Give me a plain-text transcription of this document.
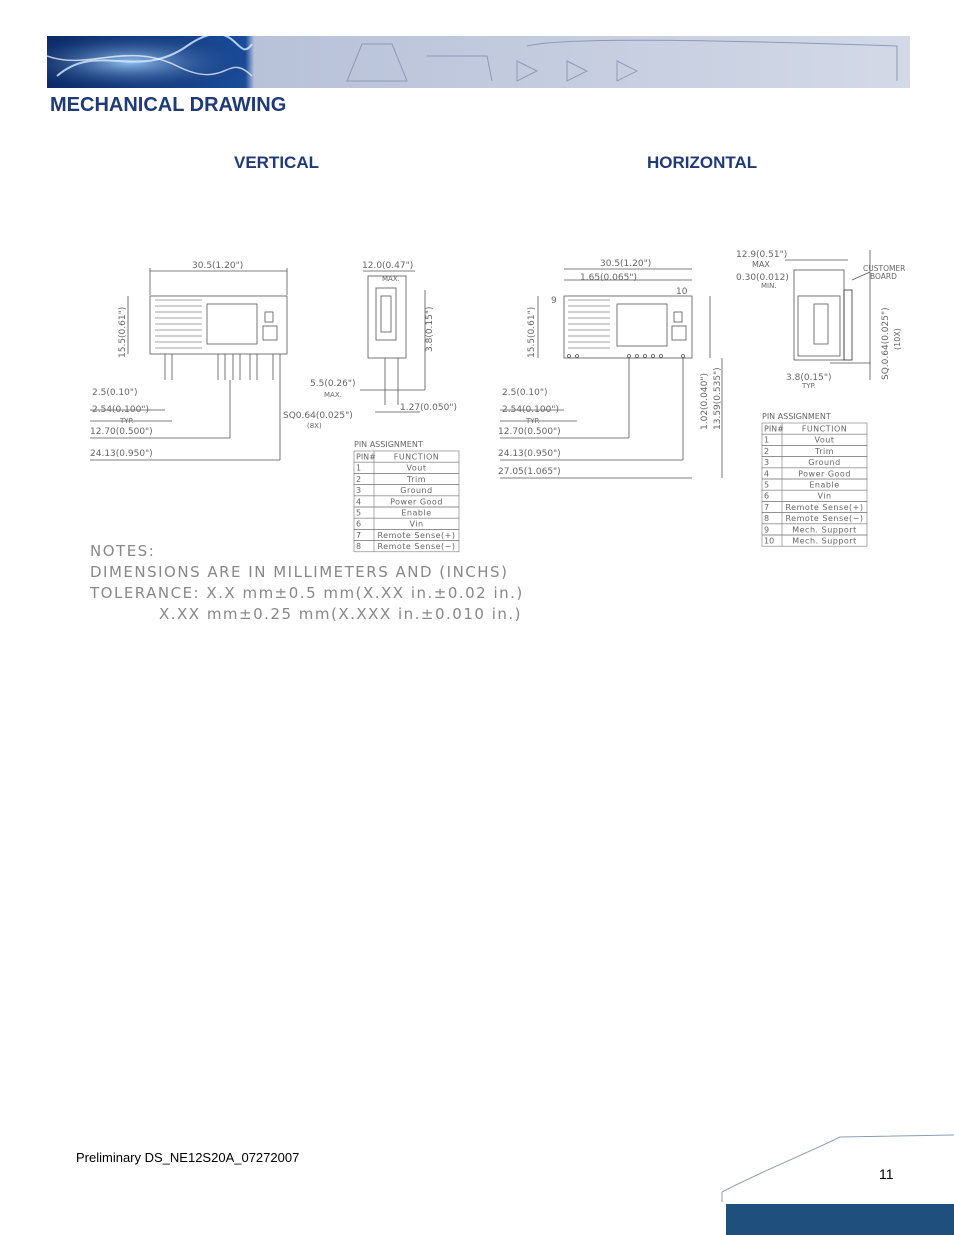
MECHANICAL DRAWING
VERTICAL	HORIZONTAL
30.5(1.20")
15.5(0.61")
12.0(0.47")
MAX.
3.8(0.15")
5.5(0.26")
MAX.
2.5(0.10")
2.54(0.100")
TYP.
12.70(0.500")
24.13(0.950")
SQ0.64(0.025")
(8X)
1.27(0.050")
30.5(1.20")
1.65(0.065")
9
10
15.5(0.61")
2.5(0.10")
2.54(0.100")
TYP.
12.70(0.500")
24.13(0.950")
27.05(1.065")
1.02(0.040") 13.59(0.535")
12.9(0.51")
MAX
0.30(0.012)
MIN.
CUSTOMER
BOARD
3.8(0.15")
TYP.
SQ.0.64(0.025") (10X)
PIN ASSIGNMENT
PIN# FUNCTION
1	Vout
2	Trim
3	Ground
4	Power Good
5	Enable
6	Vin
7 Remote Sense(+)
8 Remote Sense(−)
PIN ASSIGNMENT
PIN# FUNCTION
1	Vout
2	Trim
3	Ground
4	Power Good
5	Enable
6	Vin
7 Remote Sense(+)
8 Remote Sense(−)
9	Mech. Support
10 Mech. Support
NOTES:
DIMENSIONS ARE IN MILLIMETERS AND (INCHS)
TOLERANCE: X.X mm±0.5 mm(X.XX in.±0.02 in.)
X.XX mm±0.25 mm(X.XXX in.±0.010 in.)
Preliminary DS_NE12S20A_07272007
11
